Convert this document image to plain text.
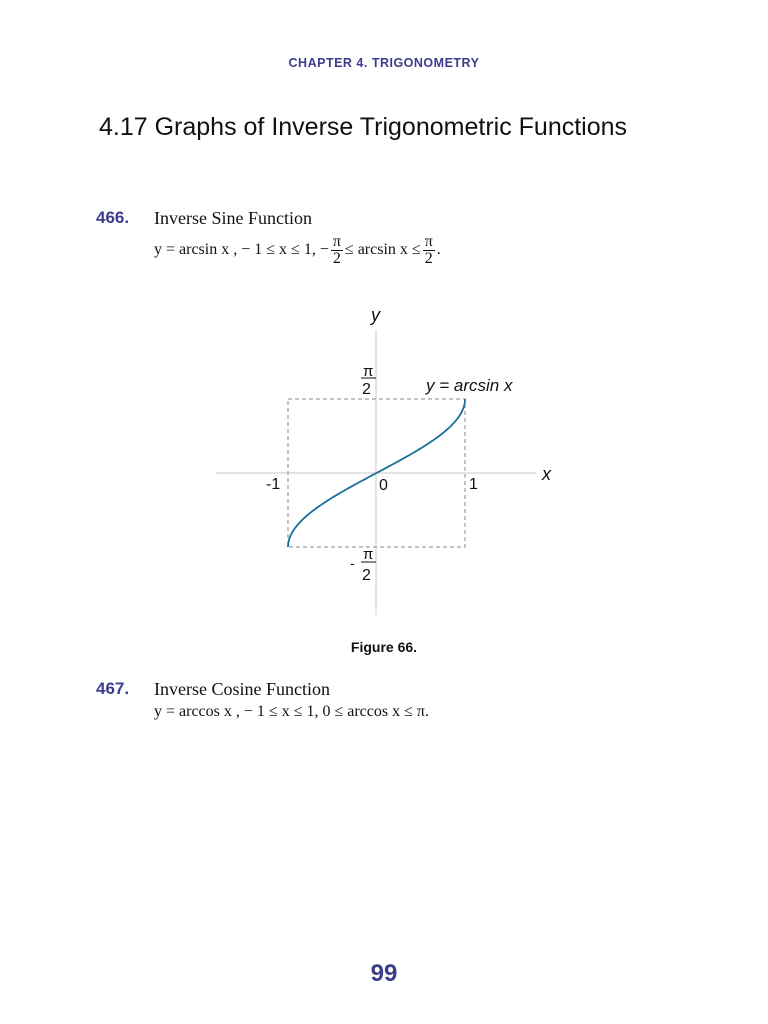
CHAPTER 4. TRIGONOMETRY
4.17 Graphs of Inverse Trigonometric Functions
466. Inverse Sine Function
y = arcsin x , − 1 ≤ x ≤ 1, − $\frac{\pi}{2} \le \arcsin x \le \frac{\pi}{2}$ .
y
x
y = arcsin x
-1	0	1
π
2
- π
2
Figure 66.
467. Inverse Cosine Function
y = arccos x , − 1 ≤ x ≤ 1, 0 ≤ arccos x ≤ π.
99
